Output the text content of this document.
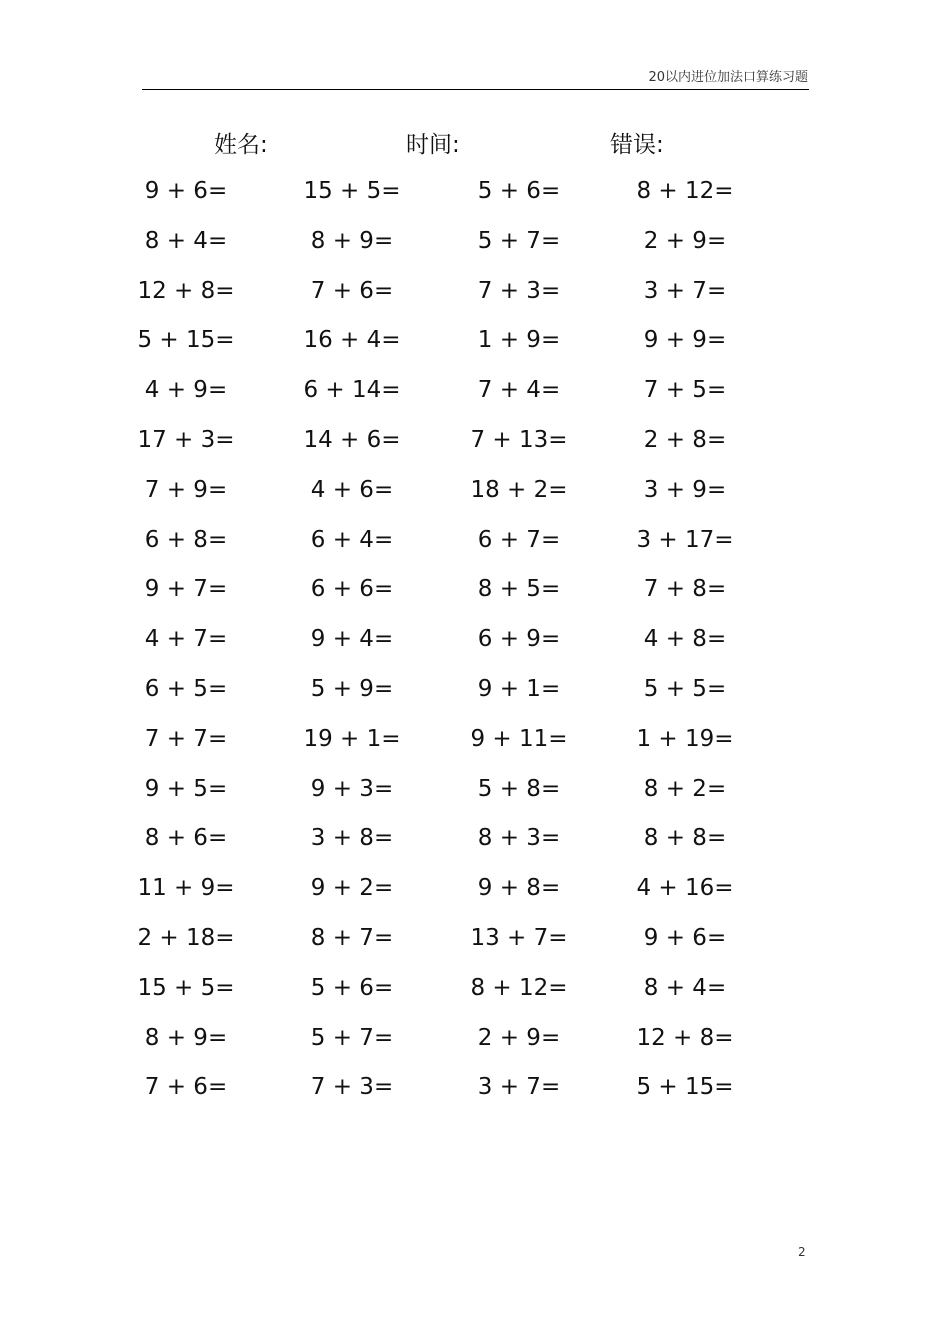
20以内进位加法口算练习题
姓名:	时间:	错误:
9 + 6=
8 + 4=
12 + 8=
5 + 15=
4 + 9=
17 + 3=
7 + 9=
6 + 8=
9 + 7=
4 + 7=
6 + 5=
7 + 7=
9 + 5=
8 + 6=
11 + 9=
2 + 18=
15 + 5=
8 + 9=
7 + 6=
15 + 5=
8 + 9=
7 + 6=
16 + 4=
6 + 14=
14 + 6=
4 + 6=
6 + 4=
6 + 6=
9 + 4=
5 + 9=
19 + 1=
9 + 3=
3 + 8=
9 + 2=
8 + 7=
5 + 6=
5 + 7=
7 + 3=
5 + 6=
5 + 7=
7 + 3=
1 + 9=
7 + 4=
7 + 13=
18 + 2=
6 + 7=
8 + 5=
6 + 9=
9 + 1=
9 + 11=
5 + 8=
8 + 3=
9 + 8=
13 + 7=
8 + 12=
2 + 9=
3 + 7=
8 + 12=
2 + 9=
3 + 7=
9 + 9=
7 + 5=
2 + 8=
3 + 9=
3 + 17=
7 + 8=
4 + 8=
5 + 5=
1 + 19=
8 + 2=
8 + 8=
4 + 16=
9 + 6=
8 + 4=
12 + 8=
5 + 15=
2
